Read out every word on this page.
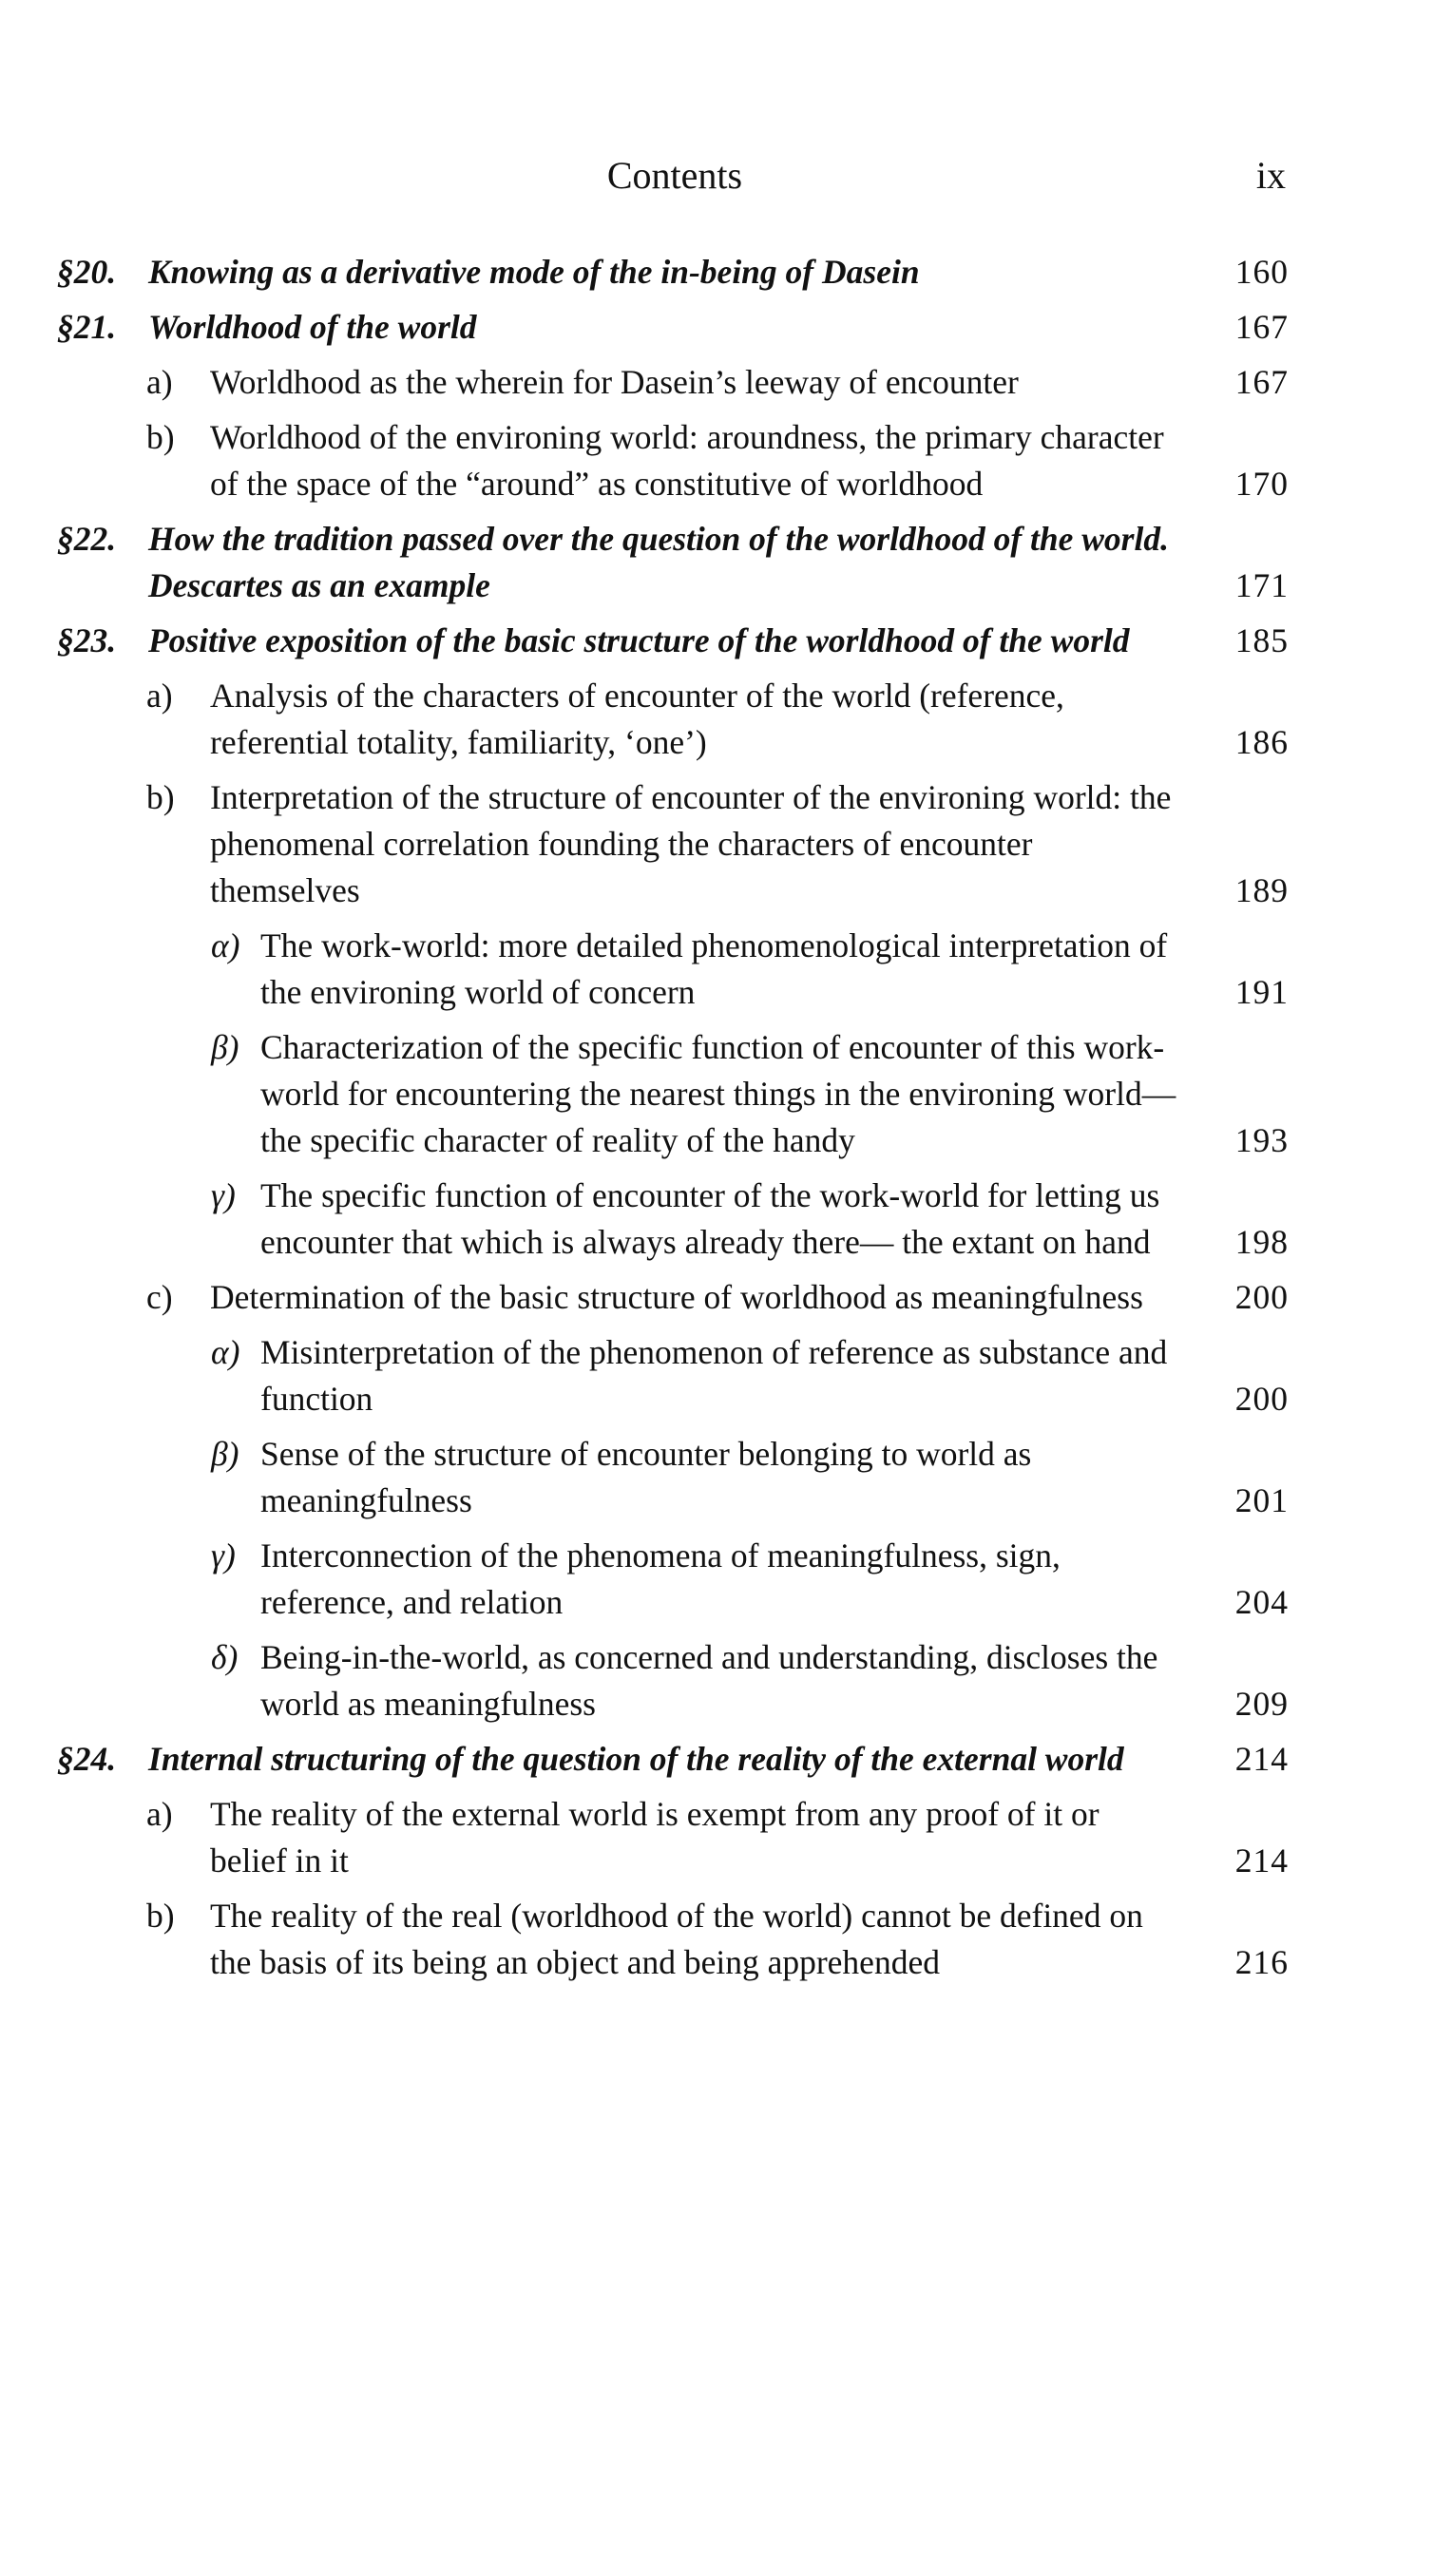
Contents	ix
§20. Knowing as a derivative mode of the in-being of Dasein	160
§21. Worldhood of the world	167
a) Worldhood as the wherein for Dasein’s leeway of encounter	167
b) Worldhood of the environing world: aroundness, the primary character of the space of the “around” as constitutive of worldhood	170
§22. How the tradition passed over the question of the worldhood of the world. Descartes as an example	171
§23. Positive exposition of the basic structure of the worldhood of the world	185
a) Analysis of the characters of encounter of the world (reference, referential totality, familiarity, ‘one’)	186
b) Interpretation of the structure of encounter of the environing world: the phenomenal correlation founding the characters of encounter themselves	189
α) The work-world: more detailed phenomenological interpretation of the environing world of concern	191
β) Characterization of the specific function of encounter of this work-world for encountering the nearest things in the environing world— the specific character of reality of the handy	193
γ) The specific function of encounter of the work-world for letting us encounter that which is always already there— the extant on hand	198
c) Determination of the basic structure of worldhood as meaningfulness	200
α) Misinterpretation of the phenomenon of reference as substance and function	200
β) Sense of the structure of encounter belonging to world as meaningfulness	201
γ) Interconnection of the phenomena of meaningfulness, sign, reference, and relation	204
δ) Being-in-the-world, as concerned and understanding, discloses the world as meaningfulness	209
§24. Internal structuring of the question of the reality of the external world	214
a) The reality of the external world is exempt from any proof of it or belief in it	214
b) The reality of the real (worldhood of the world) cannot be defined on the basis of its being an object and being apprehended	216
